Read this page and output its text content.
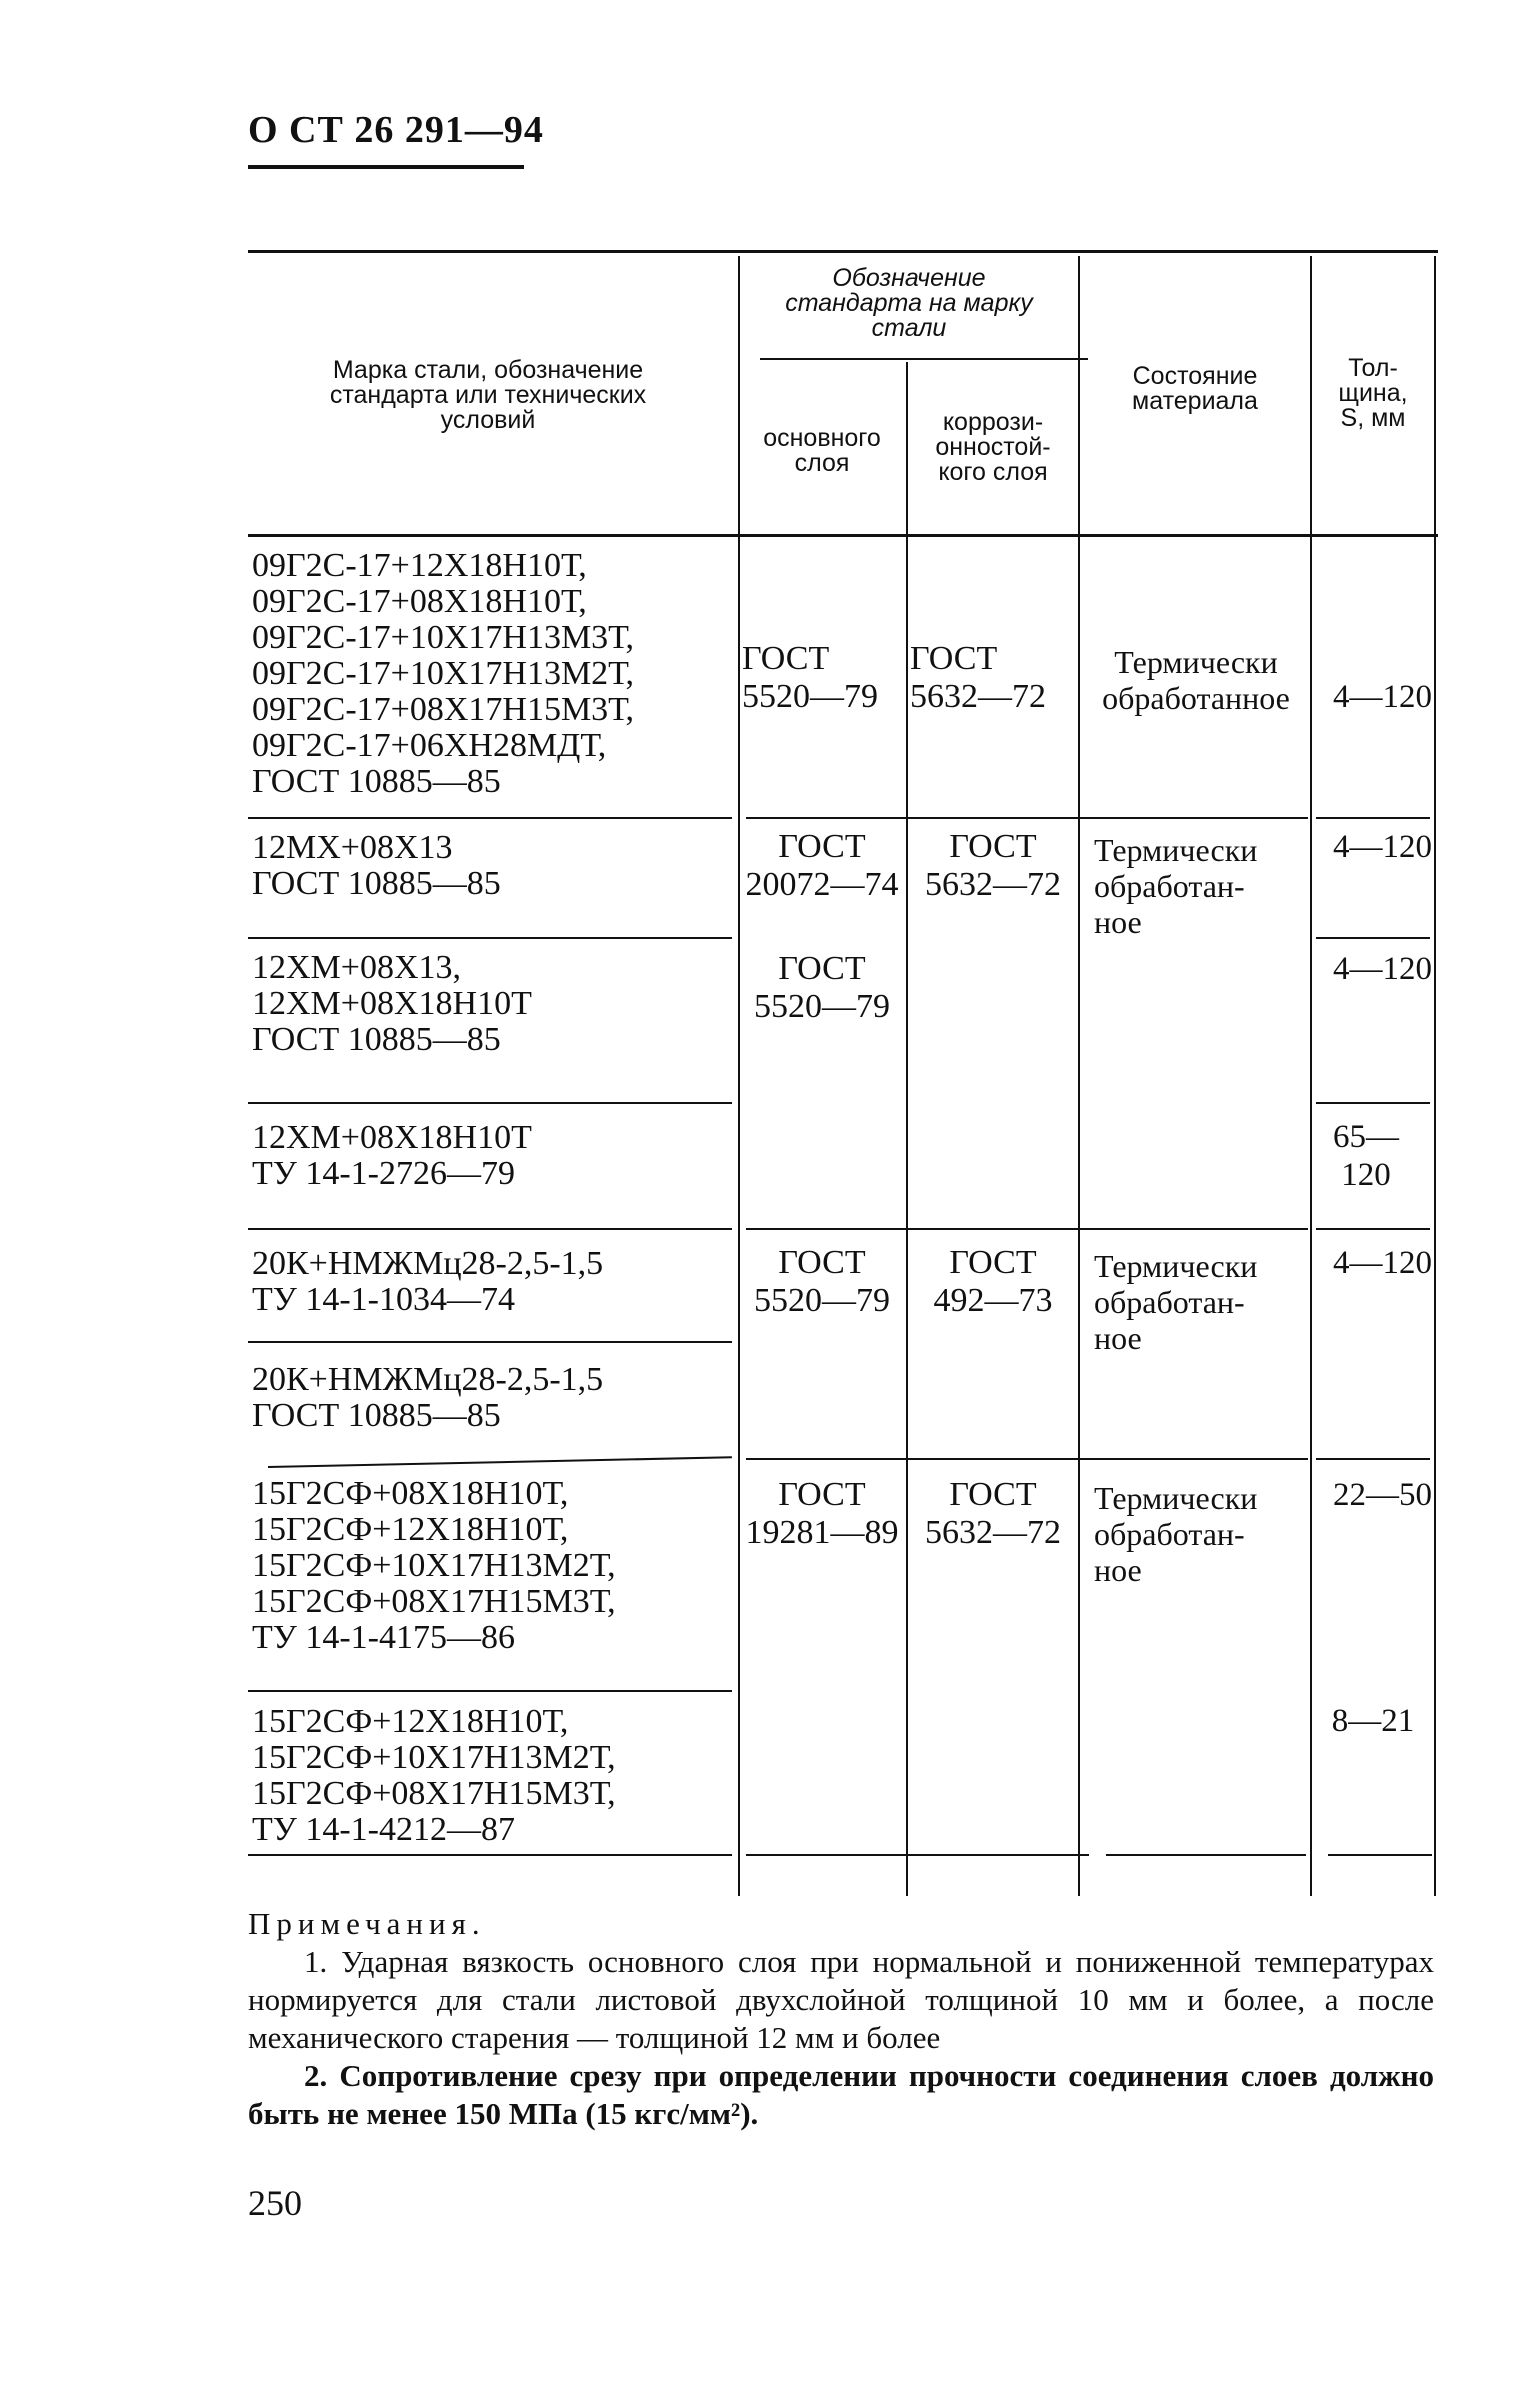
О СТ 26 291—94
Марка стали, обозначение
стандарта или технических
условий
Обозначение
стандарта на марку
стали
основного
слоя
коррози-
онностой-
кого слоя
Состояние
материала
Тол-
щина,
S, мм
09Г2С-17+12Х18Н10Т,
09Г2С-17+08Х18Н10Т,
09Г2С-17+10Х17Н13М3Т,
09Г2С-17+10Х17Н13М2Т,
09Г2С-17+08Х17Н15М3Т,
09Г2С-17+06ХН28МДТ,
ГОСТ 10885—85
ГОСТ
5520—79
ГОСТ
5632—72
Термически
обработанное	4—120
12МХ+08Х13
ГОСТ 10885—85
ГОСТ
20072—74
ГОСТ
5632—72
Термически
обработан-
ное
4—120
12ХМ+08Х13,
12ХМ+08Х18Н10Т
ГОСТ 10885—85
ГОСТ
5520—79
4—120
12ХМ+08Х18Н10Т
ТУ 14-1-2726—79
65—
120
20К+НМЖМц28-2,5-1,5
ТУ 14-1-1034—74
ГОСТ
5520—79
ГОСТ
492—73
Термически
обработан-
ное
4—120
20К+НМЖМц28-2,5-1,5
ГОСТ 10885—85
15Г2СФ+08Х18Н10Т,
15Г2СФ+12Х18Н10Т,
15Г2СФ+10Х17Н13М2Т,
15Г2СФ+08Х17Н15М3Т,
ТУ 14-1-4175—86
ГОСТ
19281—89
ГОСТ
5632—72
Термически
обработан-
ное
22—50
15Г2СФ+12Х18Н10Т,
15Г2СФ+10Х17Н13М2Т,
15Г2СФ+08Х17Н15М3Т,
ТУ 14-1-4212—87
8—21
Примечания.
1. Ударная вязкость основного слоя при нормальной и пониженной температурах нормируется для стали листовой двухслойной толщиной 10 мм и более, а после механического старения — толщиной 12 мм и более
2. Сопротивление срезу при определении прочности соединения слоев должно быть не менее 150 МПа (15 кгс/мм²).
250
